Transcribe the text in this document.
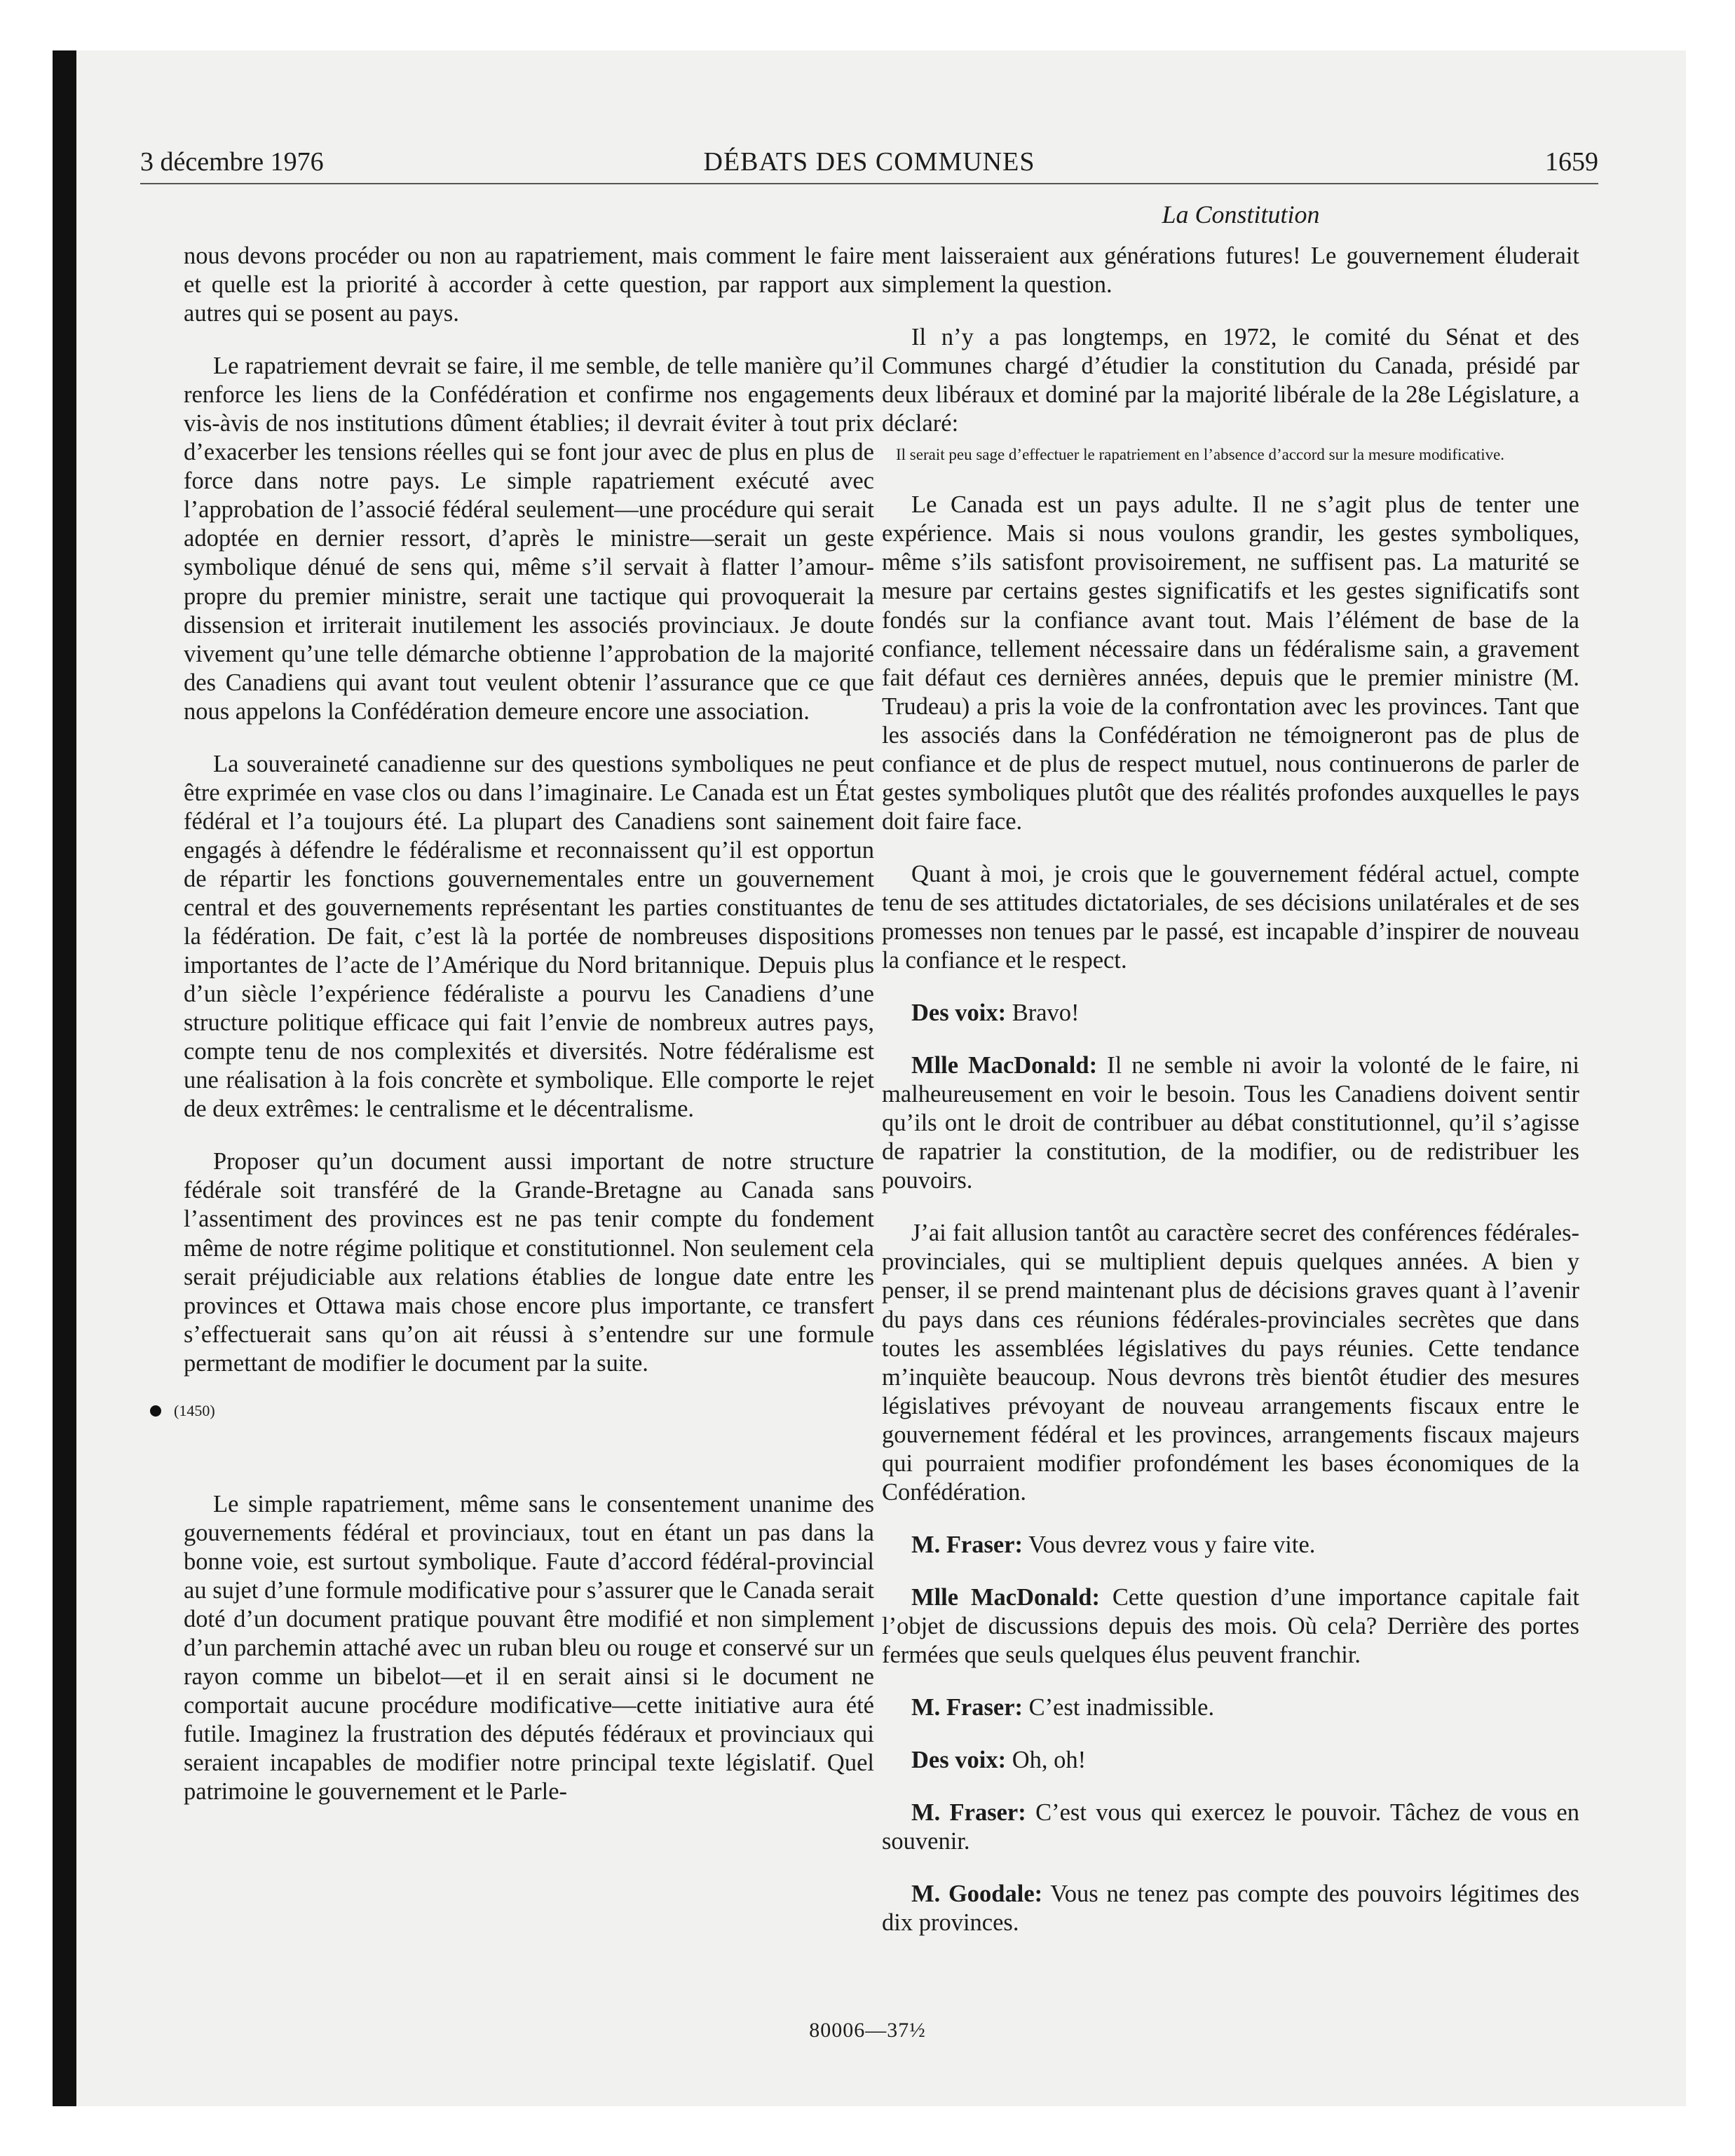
3 décembre 1976	DÉBATS DES COMMUNES	1659
La Constitution

nous devons procéder ou non au rapatriement, mais comment le faire et quelle est la priorité à accorder à cette question, par rapport aux autres qui se posent au pays.

Le rapatriement devrait se faire, il me semble, de telle manière qu’il renforce les liens de la Confédération et confirme nos engagements vis-àvis de nos institutions dûment établies; il devrait éviter à tout prix d’exacerber les tensions réelles qui se font jour avec de plus en plus de force dans notre pays. Le simple rapatriement exécuté avec l’approbation de l’associé fédéral seulement—une procédure qui serait adoptée en dernier ressort, d’après le ministre—serait un geste symbolique dénué de sens qui, même s’il servait à flatter l’amour-propre du premier ministre, serait une tactique qui provoquerait la dissension et irriterait inutilement les associés provinciaux. Je doute vivement qu’une telle démarche obtienne l’approbation de la majorité des Canadiens qui avant tout veulent obtenir l’assurance que ce que nous appelons la Confédération demeure encore une association.

La souveraineté canadienne sur des questions symboliques ne peut être exprimée en vase clos ou dans l’imaginaire. Le Canada est un État fédéral et l’a toujours été. La plupart des Canadiens sont sainement engagés à défendre le fédéralisme et reconnaissent qu’il est opportun de répartir les fonctions gouvernementales entre un gouvernement central et des gouvernements représentant les parties constituantes de la fédération. De fait, c’est là la portée de nombreuses dispositions importantes de l’acte de l’Amérique du Nord britannique. Depuis plus d’un siècle l’expérience fédéraliste a pourvu les Canadiens d’une structure politique efficace qui fait l’envie de nombreux autres pays, compte tenu de nos complexités et diversités. Notre fédéralisme est une réalisation à la fois concrète et symbolique. Elle comporte le rejet de deux extrêmes: le centralisme et le décentralisme.

Proposer qu’un document aussi important de notre structure fédérale soit transféré de la Grande-Bretagne au Canada sans l’assentiment des provinces est ne pas tenir compte du fondement même de notre régime politique et constitutionnel. Non seulement cela serait préjudiciable aux relations établies de longue date entre les provinces et Ottawa mais chose encore plus importante, ce transfert s’effectuerait sans qu’on ait réussi à s’entendre sur une formule permettant de modifier le document par la suite.

(1450)

Le simple rapatriement, même sans le consentement unanime des gouvernements fédéral et provinciaux, tout en étant un pas dans la bonne voie, est surtout symbolique. Faute d’accord fédéral-provincial au sujet d’une formule modificative pour s’assurer que le Canada serait doté d’un document pratique pouvant être modifié et non simplement d’un parchemin attaché avec un ruban bleu ou rouge et conservé sur un rayon comme un bibelot—et il en serait ainsi si le document ne comportait aucune procédure modificative—cette initiative aura été futile. Imaginez la frustration des députés fédéraux et provinciaux qui seraient incapables de modifier notre principal texte législatif. Quel patrimoine le gouvernement et le Parle-

ment laisseraient aux générations futures! Le gouvernement éluderait simplement la question.

Il n’y a pas longtemps, en 1972, le comité du Sénat et des Communes chargé d’étudier la constitution du Canada, présidé par deux libéraux et dominé par la majorité libérale de la 28e Législature, a déclaré:

Il serait peu sage d’effectuer le rapatriement en l’absence d’accord sur la mesure modificative.

Le Canada est un pays adulte. Il ne s’agit plus de tenter une expérience. Mais si nous voulons grandir, les gestes symboliques, même s’ils satisfont provisoirement, ne suffisent pas. La maturité se mesure par certains gestes significatifs et les gestes significatifs sont fondés sur la confiance avant tout. Mais l’élément de base de la confiance, tellement nécessaire dans un fédéralisme sain, a gravement fait défaut ces dernières années, depuis que le premier ministre (M. Trudeau) a pris la voie de la confrontation avec les provinces. Tant que les associés dans la Confédération ne témoigneront pas de plus de confiance et de plus de respect mutuel, nous continuerons de parler de gestes symboliques plutôt que des réalités profondes auxquelles le pays doit faire face.

Quant à moi, je crois que le gouvernement fédéral actuel, compte tenu de ses attitudes dictatoriales, de ses décisions unilatérales et de ses promesses non tenues par le passé, est incapable d’inspirer de nouveau la confiance et le respect.

Des voix: Bravo!

Mlle MacDonald: Il ne semble ni avoir la volonté de le faire, ni malheureusement en voir le besoin. Tous les Canadiens doivent sentir qu’ils ont le droit de contribuer au débat constitutionnel, qu’il s’agisse de rapatrier la constitution, de la modifier, ou de redistribuer les pouvoirs.

J’ai fait allusion tantôt au caractère secret des conférences fédérales-provinciales, qui se multiplient depuis quelques années. A bien y penser, il se prend maintenant plus de décisions graves quant à l’avenir du pays dans ces réunions fédérales-provinciales secrètes que dans toutes les assemblées législatives du pays réunies. Cette tendance m’inquiète beaucoup. Nous devrons très bientôt étudier des mesures législatives prévoyant de nouveau arrangements fiscaux entre le gouvernement fédéral et les provinces, arrangements fiscaux majeurs qui pourraient modifier profondément les bases économiques de la Confédération.

M. Fraser: Vous devrez vous y faire vite.

Mlle MacDonald: Cette question d’une importance capitale fait l’objet de discussions depuis des mois. Où cela? Derrière des portes fermées que seuls quelques élus peuvent franchir.

M. Fraser: C’est inadmissible.

Des voix: Oh, oh!

M. Fraser: C’est vous qui exercez le pouvoir. Tâchez de vous en souvenir.

M. Goodale: Vous ne tenez pas compte des pouvoirs légitimes des dix provinces.

80006—37½
